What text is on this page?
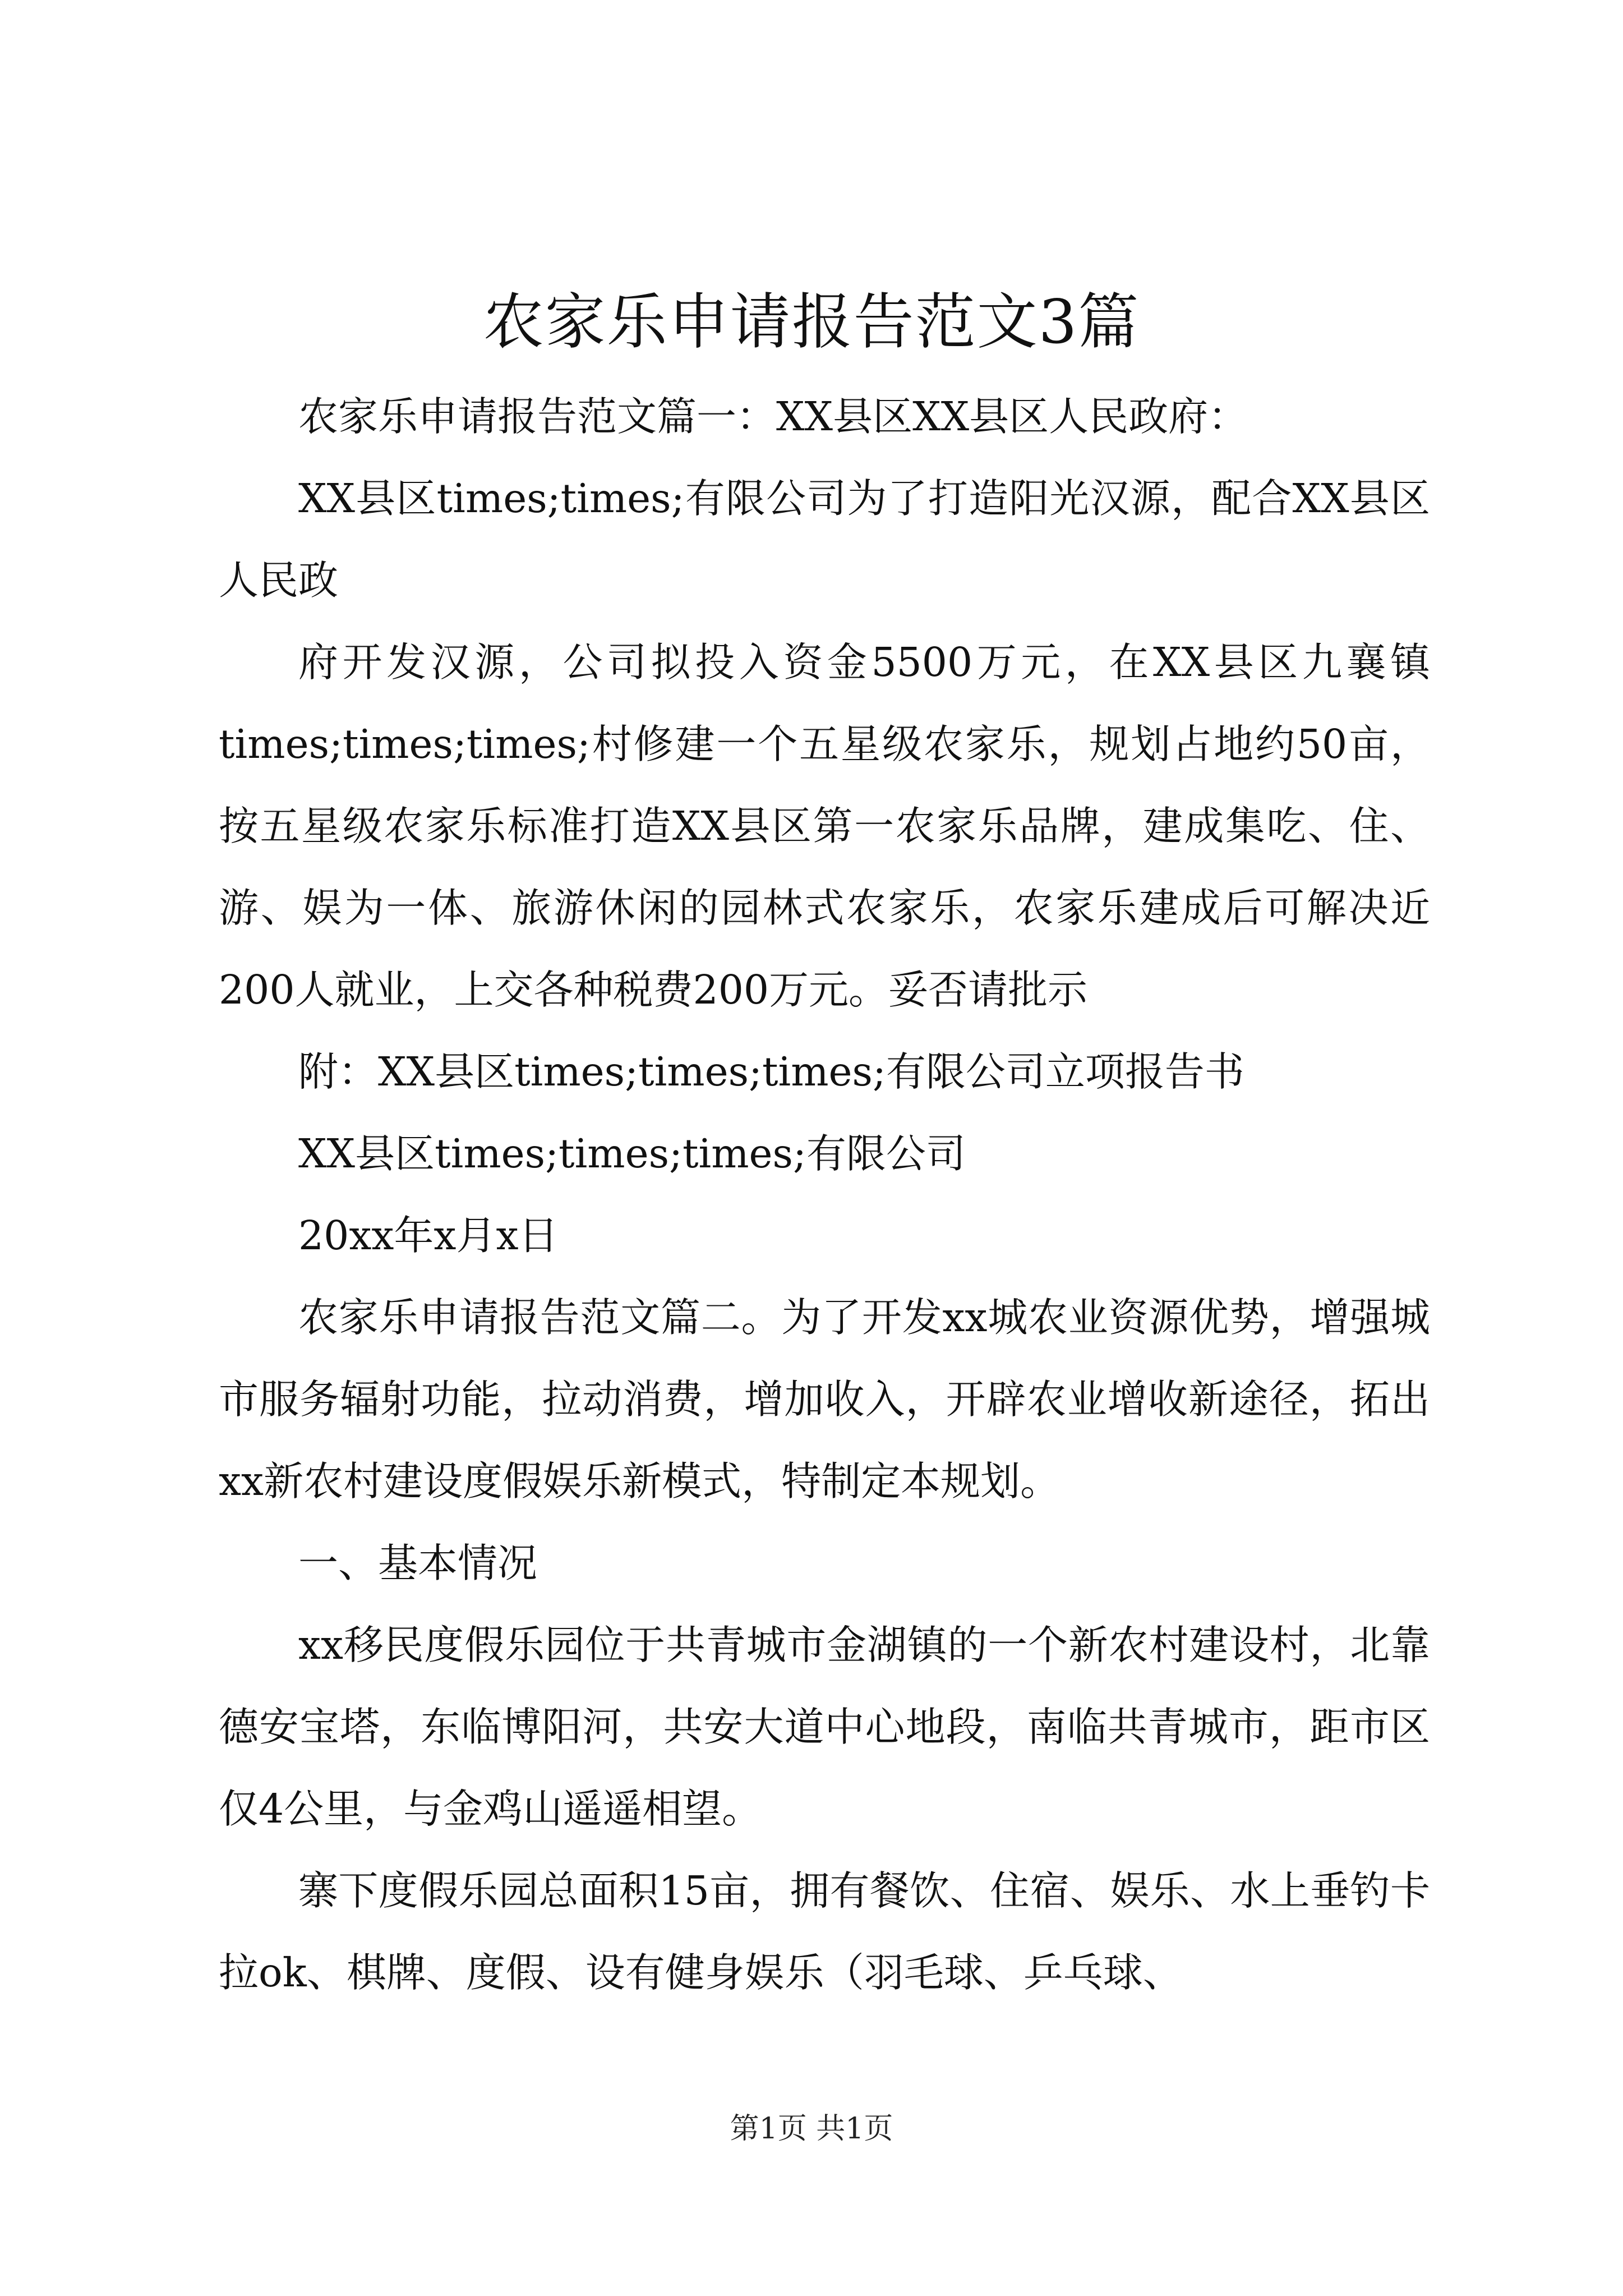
农家乐申请报告范文3篇

农家乐申请报告范文篇一：XX县区XX县区人民政府：

XX县区times;times;有限公司为了打造阳光汉源，配合XX县区人民政

府开发汉源，公司拟投入资金5500万元，在XX县区九襄镇times;times;times;村修建一个五星级农家乐，规划占地约50亩，按五星级农家乐标准打造XX县区第一农家乐品牌，建成集吃、住、游、娱为一体、旅游休闲的园林式农家乐，农家乐建成后可解决近200人就业，上交各种税费200万元。妥否请批示

附：XX县区times;times;times;有限公司立项报告书

XX县区times;times;times;有限公司

20xx年x月x日

农家乐申请报告范文篇二。为了开发xx城农业资源优势，增强城市服务辐射功能，拉动消费，增加收入，开辟农业增收新途径，拓出xx新农村建设度假娱乐新模式，特制定本规划。

一、基本情况

xx移民度假乐园位于共青城市金湖镇的一个新农村建设村，北靠德安宝塔，东临博阳河，共安大道中心地段，南临共青城市，距市区仅4公里，与金鸡山遥遥相望。

寨下度假乐园总面积15亩，拥有餐饮、住宿、娱乐、水上垂钓卡拉ok、棋牌、度假、设有健身娱乐（羽毛球、乒乓球、

第1页 共1页
